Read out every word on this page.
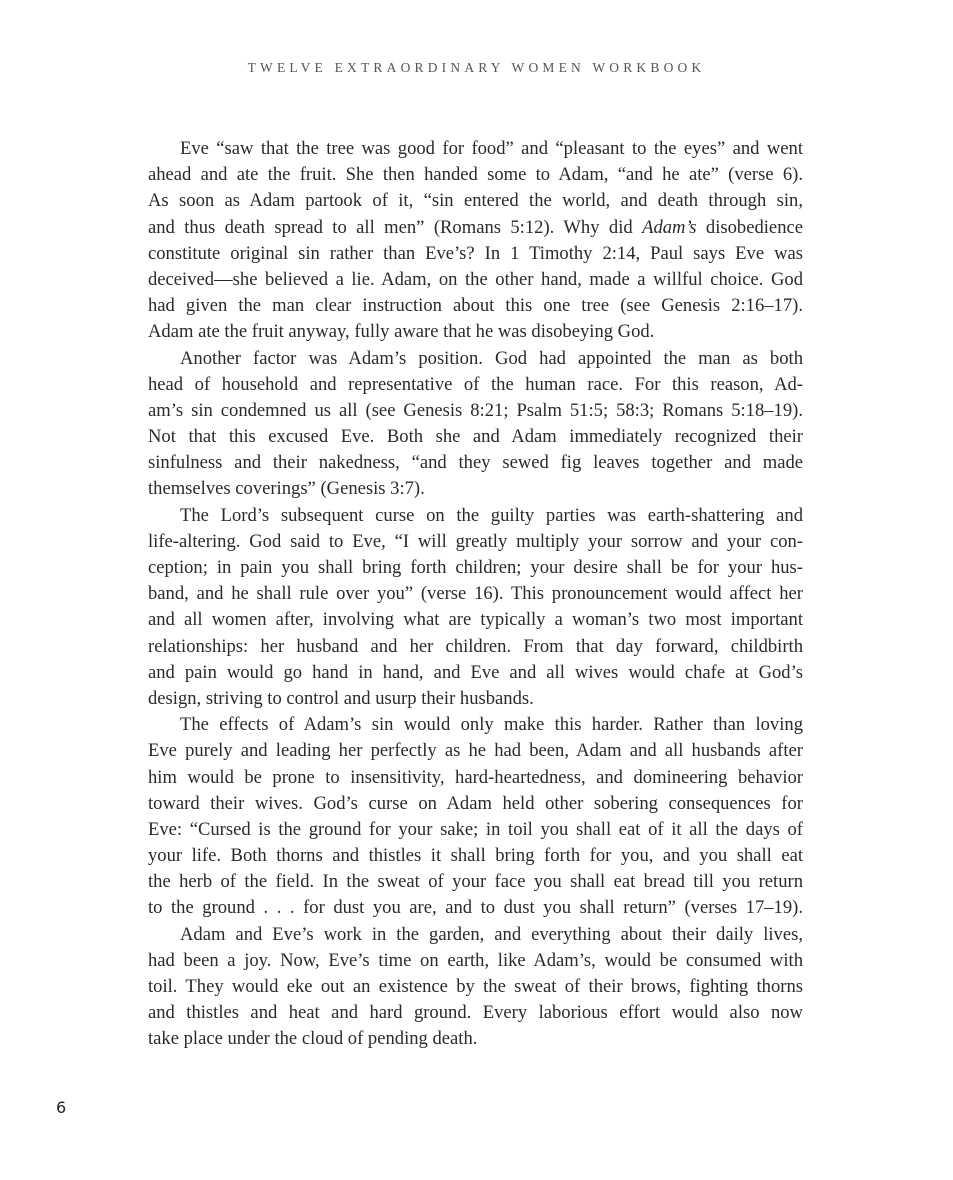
TWELVE EXTRAORDINARY WOMEN WORKBOOK
Eve “saw that the tree was good for food” and “pleasant to the eyes” and went
ahead and ate the fruit. She then handed some to Adam, “and he ate” (verse 6).
As soon as Adam partook of it, “sin entered the world, and death through sin,
and thus death spread to all men” (Romans 5:12). Why did Adam’s disobedience
constitute original sin rather than Eve’s? In 1 Timothy 2:14, Paul says Eve was
deceived—she believed a lie. Adam, on the other hand, made a willful choice. God
had given the man clear instruction about this one tree (see Genesis 2:16–17).
Adam ate the fruit anyway, fully aware that he was disobeying God.
Another factor was Adam’s position. God had appointed the man as both
head of household and representative of the human race. For this reason, Ad-
am’s sin condemned us all (see Genesis 8:21; Psalm 51:5; 58:3; Romans 5:18–19).
Not that this excused Eve. Both she and Adam immediately recognized their
sinfulness and their nakedness, “and they sewed fig leaves together and made
themselves coverings” (Genesis 3:7).
The Lord’s subsequent curse on the guilty parties was earth-shattering and
life-altering. God said to Eve, “I will greatly multiply your sorrow and your con-
ception; in pain you shall bring forth children; your desire shall be for your hus-
band, and he shall rule over you” (verse 16). This pronouncement would affect her
and all women after, involving what are typically a woman’s two most important
relationships: her husband and her children. From that day forward, childbirth
and pain would go hand in hand, and Eve and all wives would chafe at God’s
design, striving to control and usurp their husbands.
The effects of Adam’s sin would only make this harder. Rather than loving
Eve purely and leading her perfectly as he had been, Adam and all husbands after
him would be prone to insensitivity, hard-heartedness, and domineering behavior
toward their wives. God’s curse on Adam held other sobering consequences for
Eve: “Cursed is the ground for your sake; in toil you shall eat of it all the days of
your life. Both thorns and thistles it shall bring forth for you, and you shall eat
the herb of the field. In the sweat of your face you shall eat bread till you return
to the ground . . . for dust you are, and to dust you shall return” (verses 17–19).
Adam and Eve’s work in the garden, and everything about their daily lives,
had been a joy. Now, Eve’s time on earth, like Adam’s, would be consumed with
toil. They would eke out an existence by the sweat of their brows, fighting thorns
and thistles and heat and hard ground. Every laborious effort would also now
take place under the cloud of pending death.
6
